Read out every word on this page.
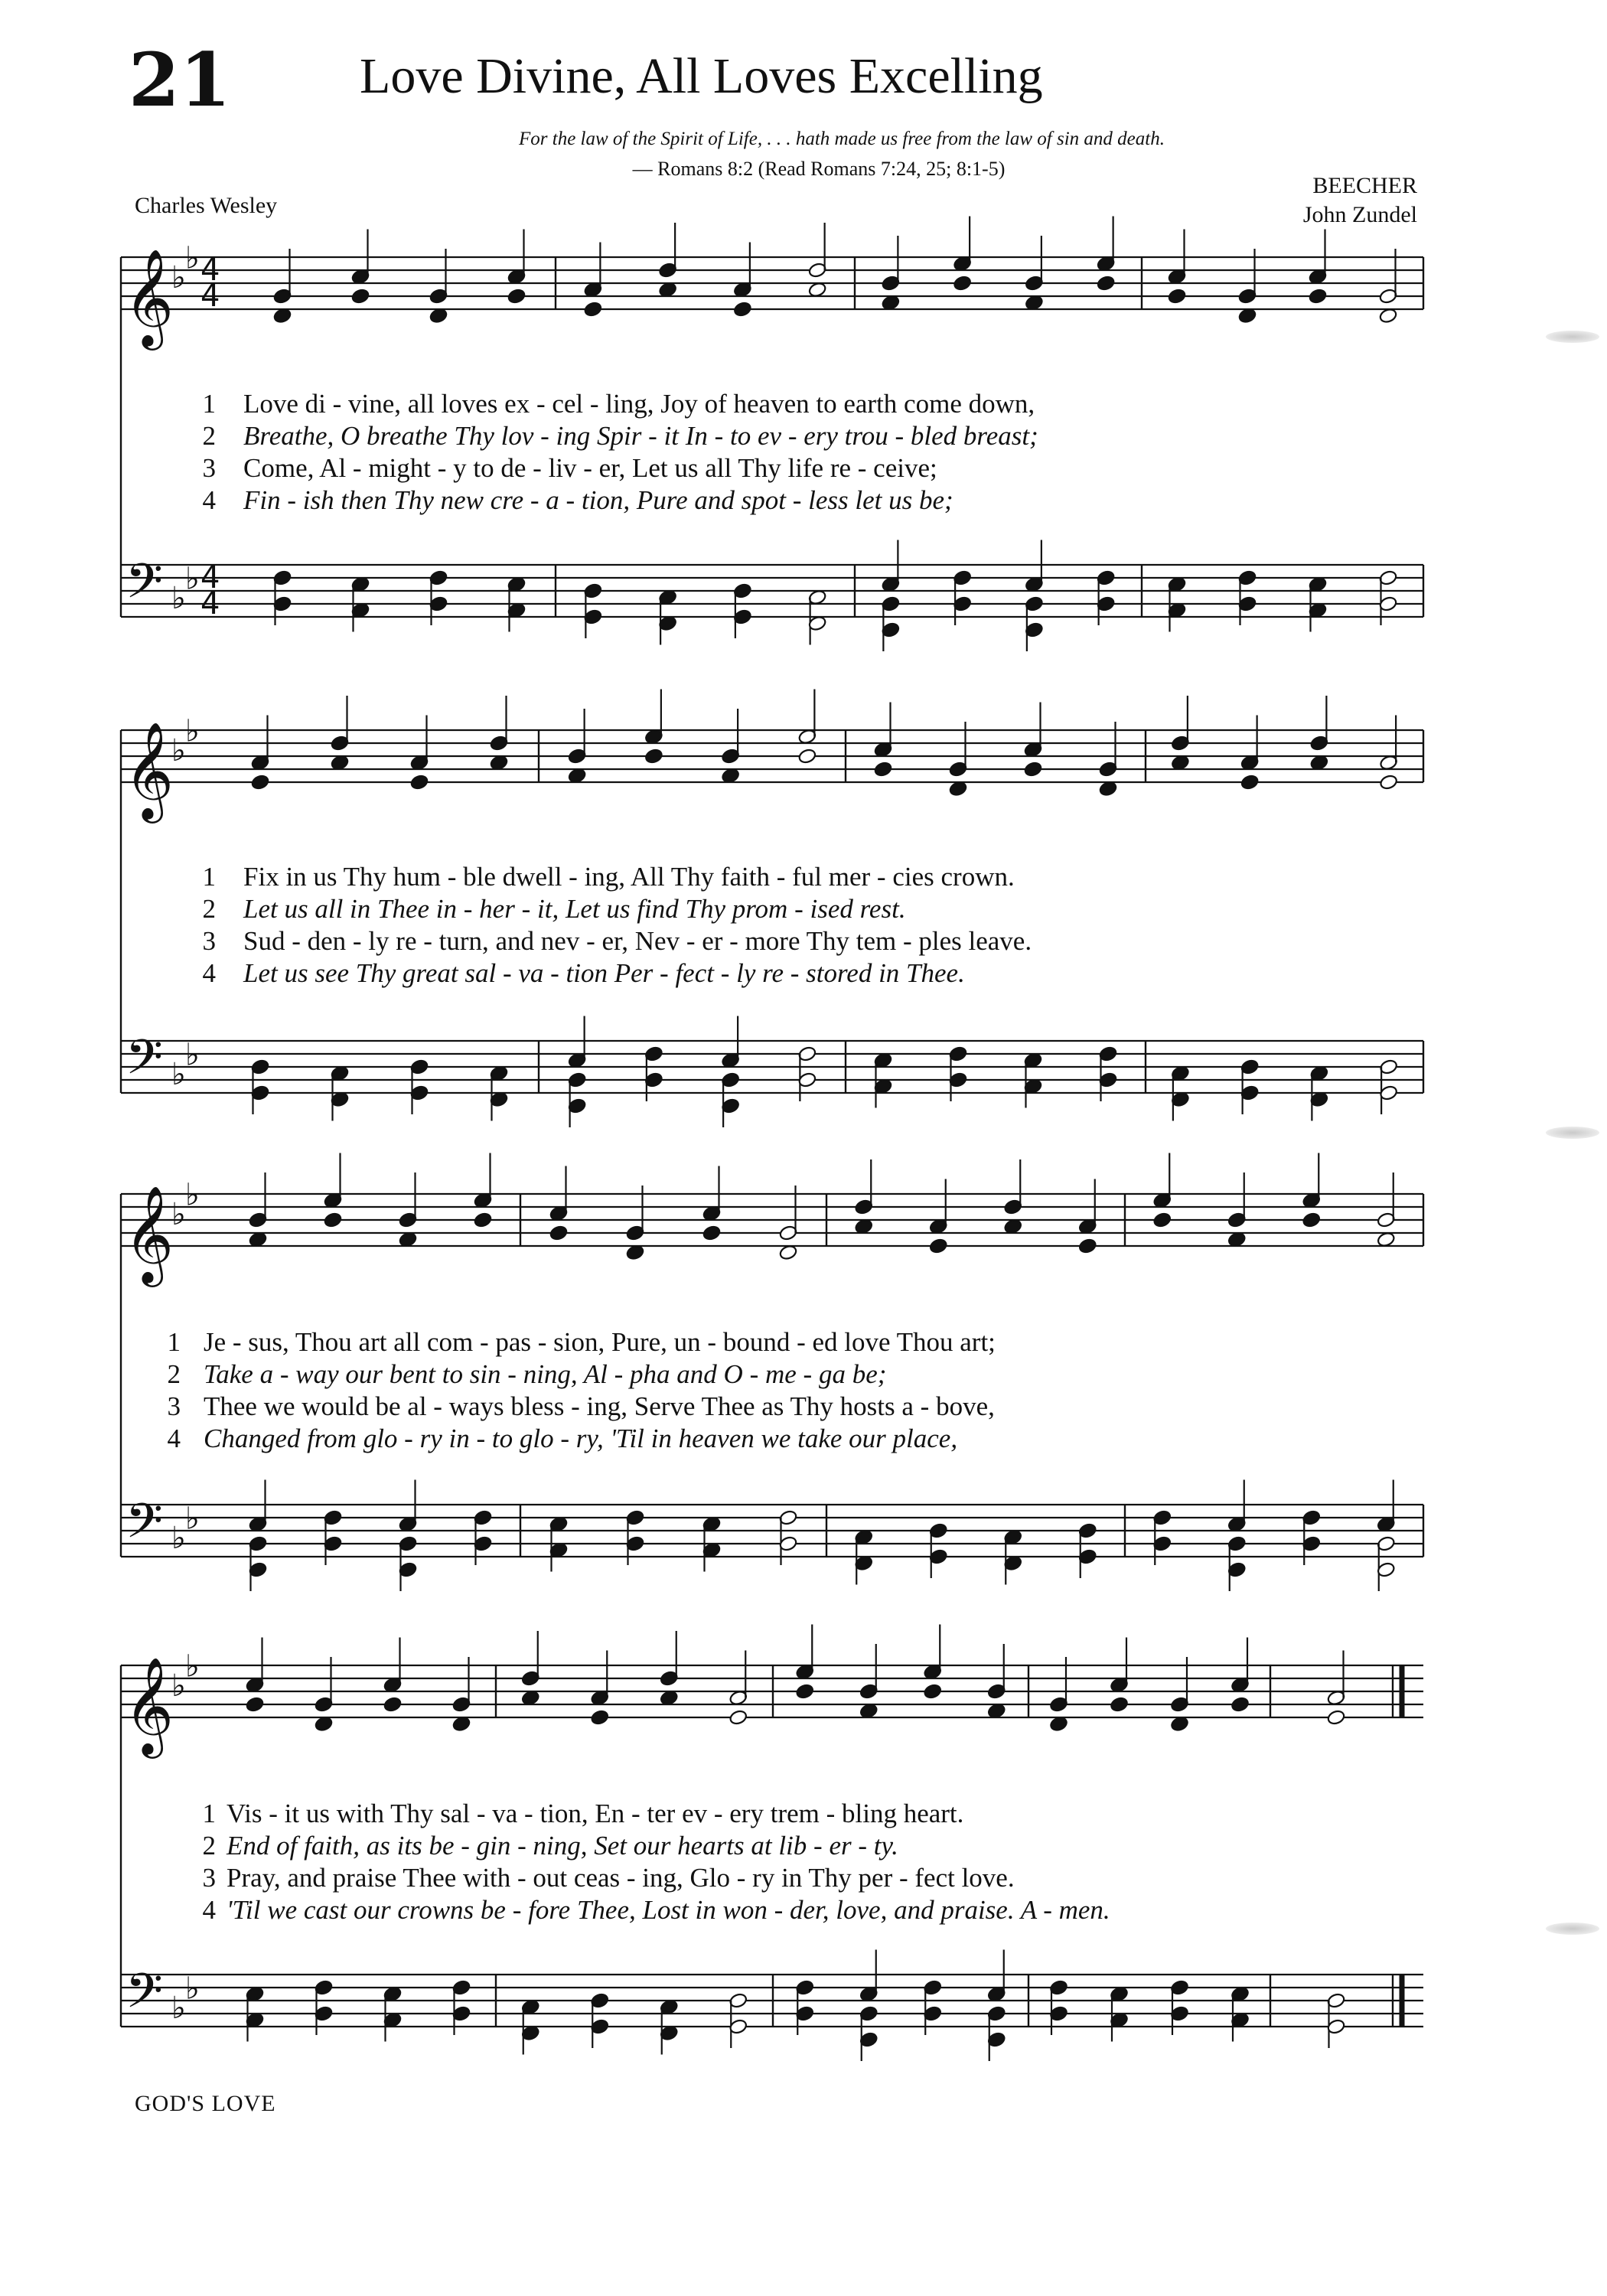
𝄞
𝄢
♭
♭
♭
♭
4
4
4
4
𝄞
𝄢
♭
♭
♭
♭
𝄞
𝄢
♭
♭
♭
♭
𝄞
𝄢
♭
♭
♭
♭
21	Love Divine, All Loves Excelling
For the law of the Spirit of Life, . . . hath made us free from the law of sin and death.
— Romans 8:2 (Read Romans 7:24, 25; 8:1-5)
Charles Wesley
BEECHER
John Zundel
1 Love di - vine, all loves ex - cel - ling, Joy of heaven to earth come down,
2 Breathe, O breathe Thy lov - ing Spir - it In - to ev - ery trou - bled breast;
3 Come, Al - might - y to de - liv - er, Let us all Thy life re - ceive;
4 Fin - ish then Thy new cre - a - tion, Pure and spot - less let us be;
1 Fix in us Thy hum - ble dwell - ing, All Thy faith - ful mer - cies crown.
2 Let us all in Thee in - her - it, Let us find Thy prom - ised rest.
3 Sud - den - ly re - turn, and nev - er, Nev - er - more Thy tem - ples leave.
4 Let us see Thy great sal - va - tion Per - fect - ly re - stored in Thee.
1 Je - sus, Thou art all com - pas - sion, Pure, un - bound - ed love Thou art;
2 Take a - way our bent to sin - ning, Al - pha and O - me - ga be;
3 Thee we would be al - ways bless - ing, Serve Thee as Thy hosts a - bove,
4 Changed from glo - ry in - to glo - ry, 'Til in heaven we take our place,
1 Vis - it us with Thy sal - va - tion, En - ter ev - ery trem - bling heart.
2 End of faith, as its be - gin - ning, Set our hearts at lib - er - ty.
3 Pray, and praise Thee with - out ceas - ing, Glo - ry in Thy per - fect love.
4 'Til we cast our crowns be - fore Thee, Lost in won - der, love, and praise. A - men.
GOD'S LOVE
